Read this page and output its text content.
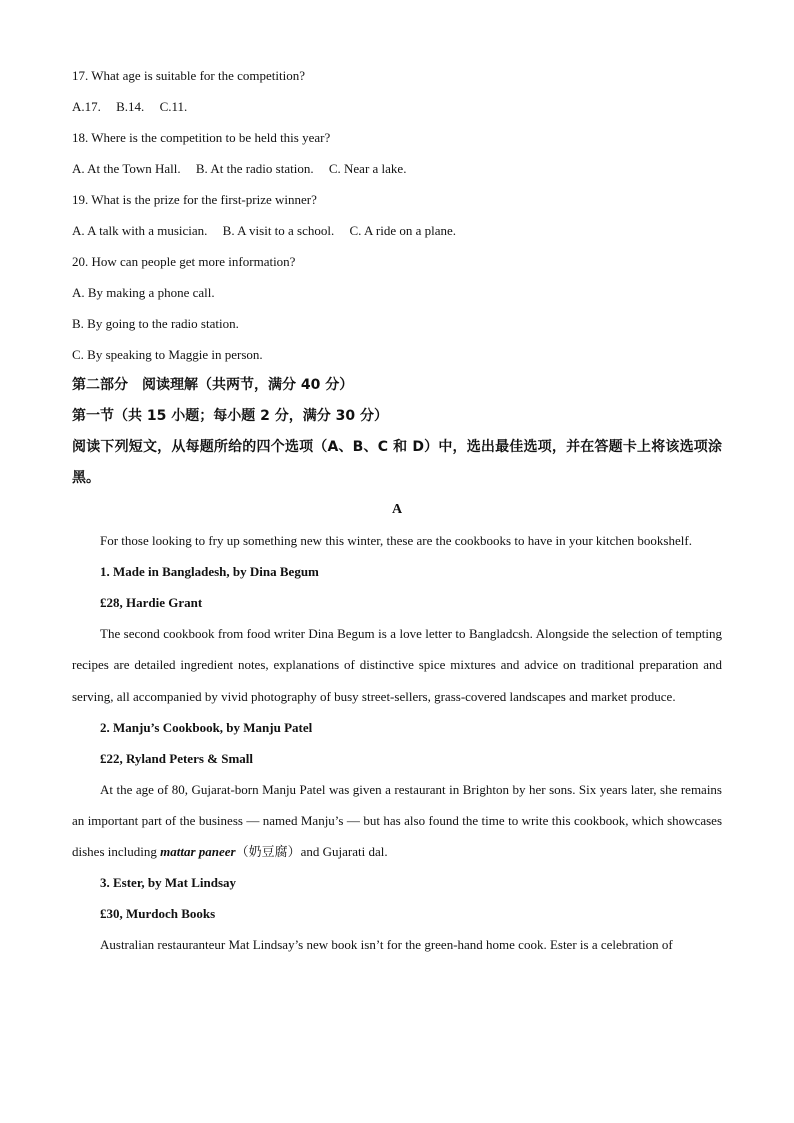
17. What age is suitable for the competition?
A.17. B.14. C.11.
18. Where is the competition to be held this year?
A. At the Town Hall. B. At the radio station. C. Near a lake.
19. What is the prize for the first-prize winner?
A. A talk with a musician. B. A visit to a school. C. A ride on a plane.
20. How can people get more information?
A. By making a phone call.
B. By going to the radio station.
C. By speaking to Maggie in person.
第二部分　阅读理解（共两节，满分 40 分）
第一节（共 15 小题；每小题 2 分，满分 30 分）
阅读下列短文，从每题所给的四个选项（A、B、C 和 D）中，选出最佳选项，并在答题卡上将该选项涂黑。
A

For those looking to fry up something new this winter, these are the cookbooks to have in your kitchen bookshelf.

1. Made in Bangladesh, by Dina Begum
£28, Hardie Grant

The second cookbook from food writer Dina Begum is a love letter to Bangladcsh. Alongside the selection of tempting recipes are detailed ingredient notes, explanations of distinctive spice mixtures and advice on traditional preparation and serving, all accompanied by vivid photography of busy street-sellers, grass-covered landscapes and market produce.

2. Manju’s Cookbook, by Manju Patel
£22, Ryland Peters & Small

At the age of 80, Gujarat-born Manju Patel was given a restaurant in Brighton by her sons. Six years later, she remains an important part of the business — named Manju’s — but has also found the time to write this cookbook, which showcases dishes including mattar paneer（奶豆腐）and Gujarati dal.

3. Ester, by Mat Lindsay
£30, Murdoch Books

Australian restauranteur Mat Lindsay’s new book isn’t for the green-hand home cook. Ester is a celebration of
